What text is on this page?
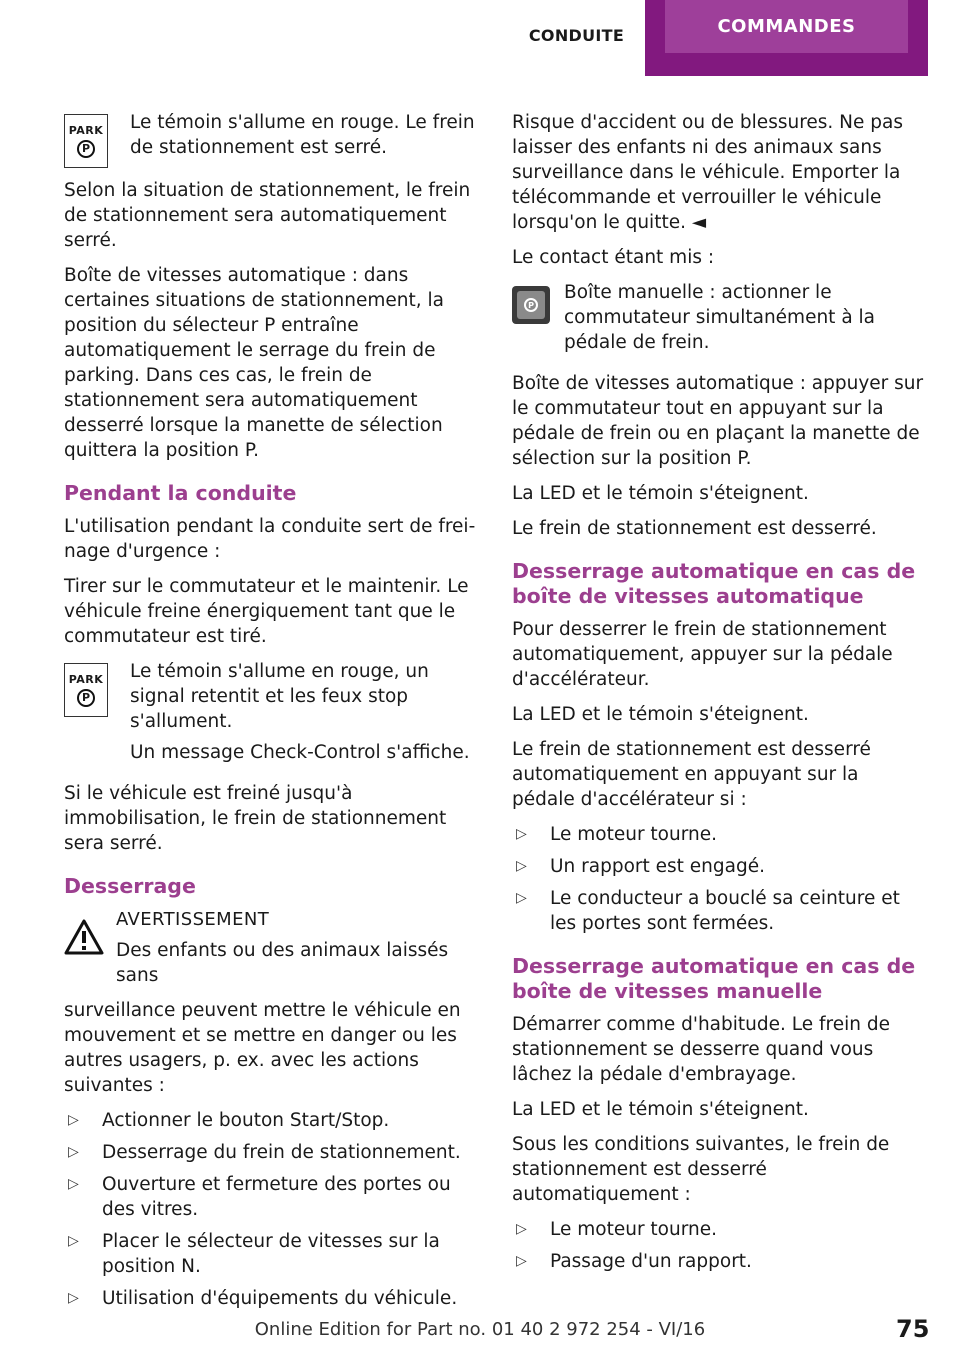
CONDUITE	COMMANDES
PARK
P

Le témoin s'allume en rouge. Le frein de stationnement est serré.

Selon la situation de stationnement, le frein de stationnement sera automatiquement serré.

Boîte de vitesses automatique : dans certaines situations de stationnement, la position du sélecteur P entraîne automatiquement le serrage du frein de parking. Dans ces cas, le frein de stationnement sera automatiquement desserré lorsque la manette de sélection quittera la position P.

Pendant la conduite

L'utilisation pendant la conduite sert de freinage d'urgence :

Tirer sur le commutateur et le maintenir. Le véhicule freine énergiquement tant que le commutateur est tiré.

PARK
P

Le témoin s'allume en rouge, un signal retentit et les feux stop s'allument.

Un message Check-Control s'affiche.

Si le véhicule est freiné jusqu'à immobilisation, le frein de stationnement sera serré.

Desserrage
AVERTISSEMENT
Des enfants ou des animaux laissés sans

surveillance peuvent mettre le véhicule en mouvement et se mettre en danger ou les autres usagers, p. ex. avec les actions suivantes :

▷	Actionner le bouton Start/Stop.
▷	Desserrage du frein de stationnement.
▷	Ouverture et fermeture des portes ou des vitres.
▷	Placer le sélecteur de vitesses sur la position N.
▷	Utilisation d'équipements du véhicule.

Risque d'accident ou de blessures. Ne pas laisser des enfants ni des animaux sans surveillance dans le véhicule. Emporter la télécommande et verrouiller le véhicule lorsqu'on le quitte. ◄

Le contact étant mis :

P

Boîte manuelle : actionner le commutateur simultanément à la pédale de frein.

Boîte de vitesses automatique : appuyer sur le commutateur tout en appuyant sur la pédale de frein ou en plaçant la manette de sélection sur la position P.

La LED et le témoin s'éteignent.

Le frein de stationnement est desserré.

Desserrage automatique en cas de boîte de vitesses automatique

Pour desserrer le frein de stationnement automatiquement, appuyer sur la pédale d'accélérateur.

La LED et le témoin s'éteignent.

Le frein de stationnement est desserré automatiquement en appuyant sur la pédale d'accélérateur si :

▷	Le moteur tourne.
▷	Un rapport est engagé.
▷	Le conducteur a bouclé sa ceinture et les portes sont fermées.
Desserrage automatique en cas de boîte de vitesses manuelle

Démarrer comme d'habitude. Le frein de stationnement se desserre quand vous lâchez la pédale d'embrayage.

La LED et le témoin s'éteignent.

Sous les conditions suivantes, le frein de stationnement est desserré automatiquement :

▷	Le moteur tourne.
▷	Passage d'un rapport.
Online Edition for Part no. 01 40 2 972 254 - VI/16	75
